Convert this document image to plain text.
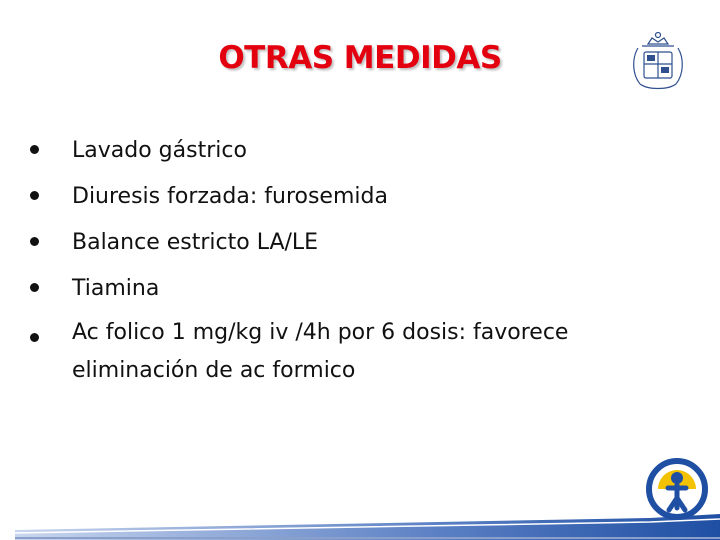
OTRAS MEDIDAS
Lavado gástrico
Diuresis forzada: furosemida
Balance estricto LA/LE
Tiamina
Ac folico 1 mg/kg iv /4h por 6 dosis: favorece eliminación de ac formico
